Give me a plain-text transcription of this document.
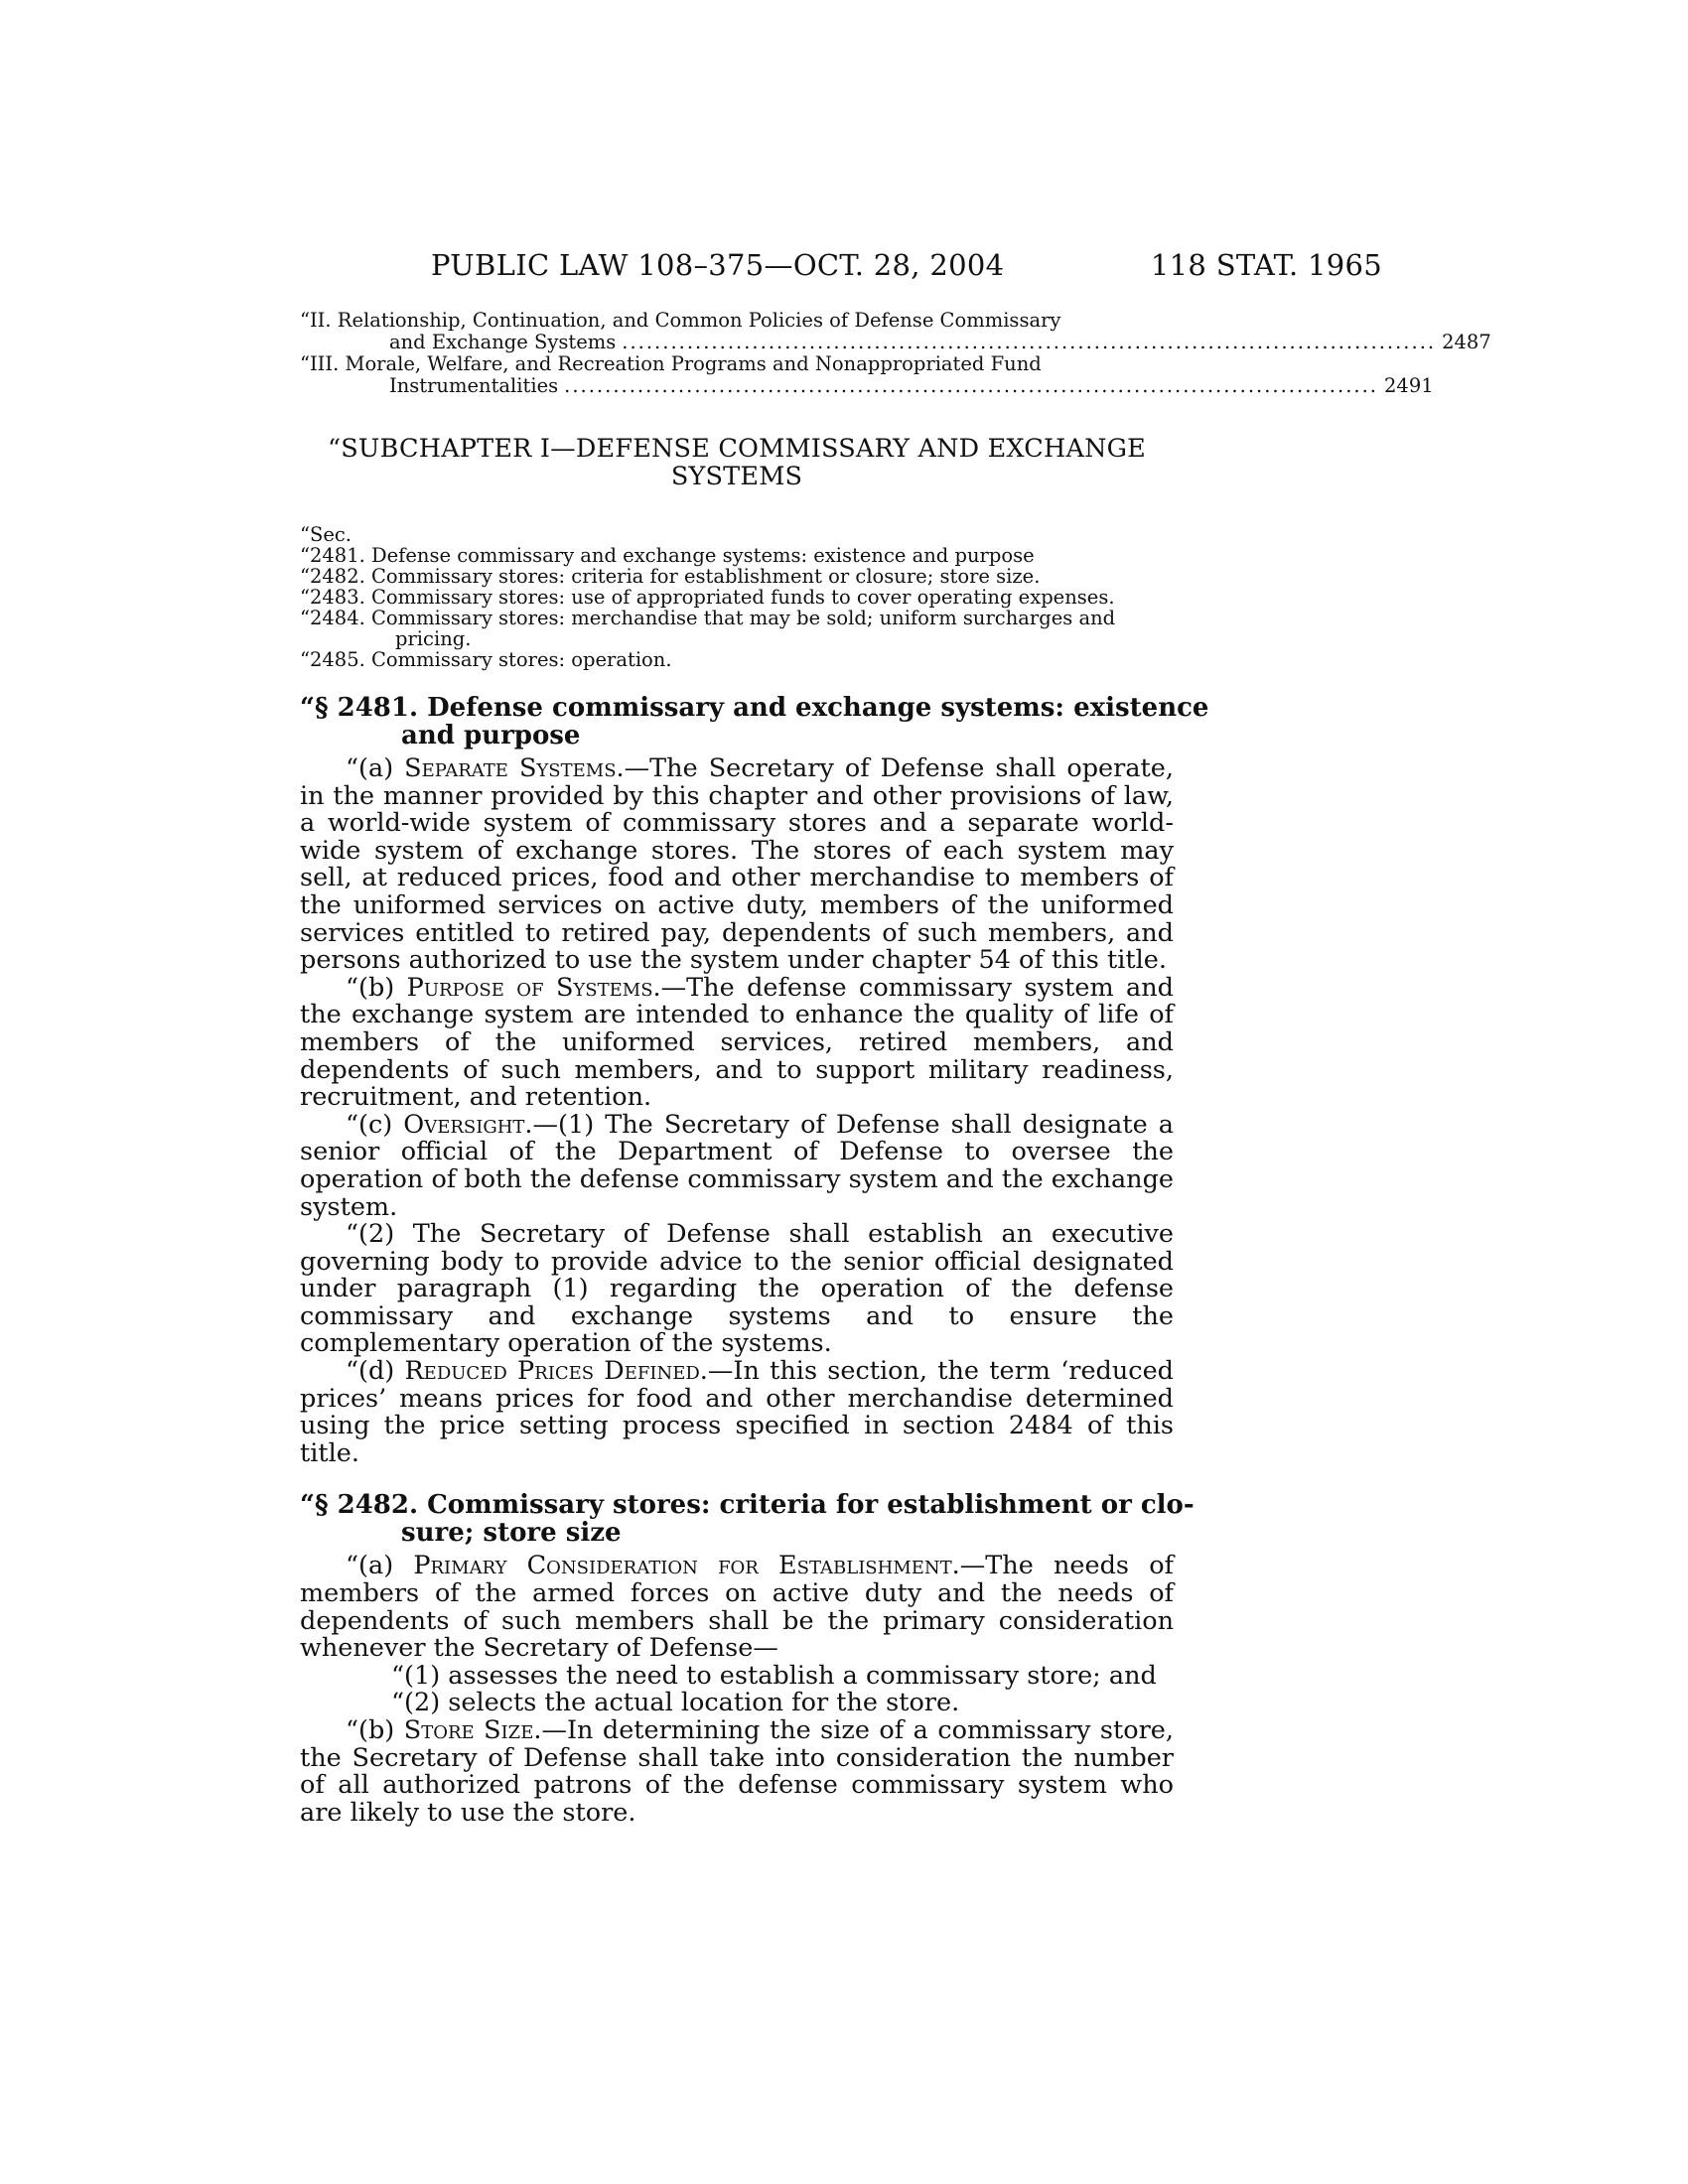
PUBLIC LAW 108–375—OCT. 28, 2004	118 STAT. 1965
“II. Relationship, Continuation, and Common Policies of Defense Commissary
and Exchange Systems .................................................................................................... 2487
“III. Morale, Welfare, and Recreation Programs and Nonappropriated Fund
Instrumentalities .................................................................................................... 2491
“SUBCHAPTER I—DEFENSE COMMISSARY AND EXCHANGE
SYSTEMS
“Sec.
“2481. Defense commissary and exchange systems: existence and purpose
“2482. Commissary stores: criteria for establishment or closure; store size.
“2483. Commissary stores: use of appropriated funds to cover operating expenses.
“2484. Commissary stores: merchandise that may be sold; uniform surcharges and
pricing.
“2485. Commissary stores: operation.
“§ 2481. Defense commissary and exchange systems: existence
and purpose

“(a) Separate Systems.—The Secretary of Defense shall operate, in the manner provided by this chapter and other provisions of law, a world-wide system of commissary stores and a separate world-wide system of exchange stores. The stores of each system may sell, at reduced prices, food and other merchandise to members of the uniformed services on active duty, members of the uniformed services entitled to retired pay, dependents of such members, and persons authorized to use the system under chapter 54 of this title.

“(b) Purpose of Systems.—The defense commissary system and the exchange system are intended to enhance the quality of life of members of the uniformed services, retired members, and dependents of such members, and to support military readiness, recruitment, and retention.

“(c) Oversight.—(1) The Secretary of Defense shall designate a senior official of the Department of Defense to oversee the operation of both the defense commissary system and the exchange system.

“(2) The Secretary of Defense shall establish an executive governing body to provide advice to the senior official designated under paragraph (1) regarding the operation of the defense commissary and exchange systems and to ensure the complementary operation of the systems.

“(d) Reduced Prices Defined.—In this section, the term ‘reduced prices’ means prices for food and other merchandise determined using the price setting process specified in section 2484 of this title.

“§ 2482. Commissary stores: criteria for establishment or clo-
sure; store size

“(a) Primary Consideration for Establishment.—The needs of members of the armed forces on active duty and the needs of dependents of such members shall be the primary consideration whenever the Secretary of Defense—

“(1) assesses the need to establish a commissary store; and

“(2) selects the actual location for the store.

“(b) Store Size.—In determining the size of a commissary store, the Secretary of Defense shall take into consideration the number of all authorized patrons of the defense commissary system who are likely to use the store.
